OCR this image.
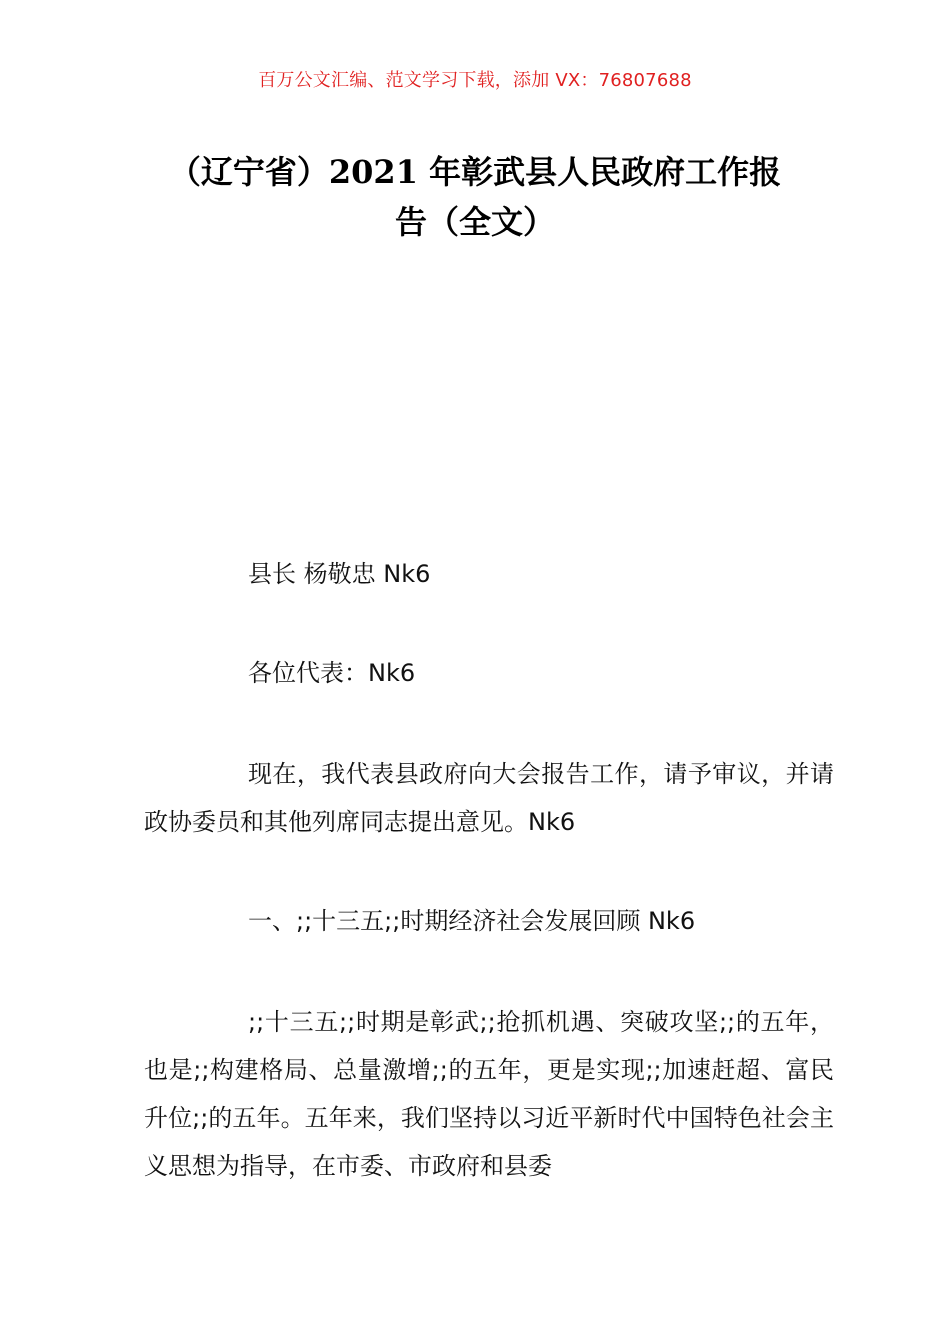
百万公文汇编、范文学习下载，添加 VX：76807688
（辽宁省）2021 年彰武县人民政府工作报
告（全文）
县长 杨敬忠 Nk6
各位代表：Nk6
现在，我代表县政府向大会报告工作，请予审议，并请政协委员和其他列席同志提出意见。Nk6
一、;;十三五;;时期经济社会发展回顾 Nk6
;;十三五;;时期是彰武;;抢抓机遇、突破攻坚;;的五年，也是;;构建格局、总量激增;;的五年，更是实现;;加速赶超、富民升位;;的五年。五年来，我们坚持以习近平新时代中国特色社会主义思想为指导，在市委、市政府和县委
